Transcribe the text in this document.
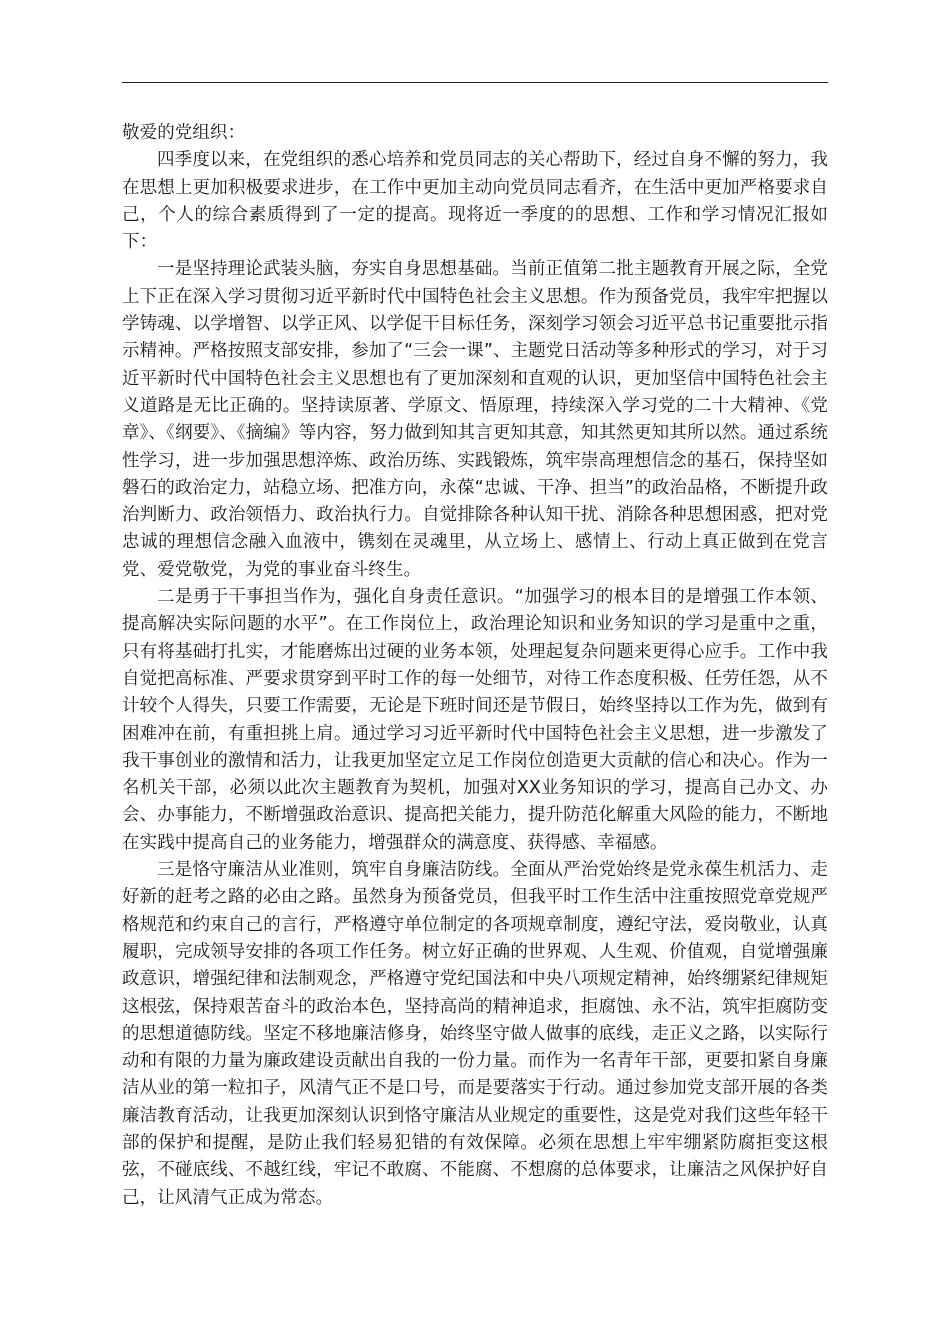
敬爱的党组织：

四季度以来，在党组织的悉心培养和党员同志的关心帮助下，经过自身不懈的努力，我在思想上更加积极要求进步，在工作中更加主动向党员同志看齐，在生活中更加严格要求自己，个人的综合素质得到了一定的提高。现将近一季度的的思想、工作和学习情况汇报如下：

一是坚持理论武装头脑，夯实自身思想基础。当前正值第二批主题教育开展之际，全党上下正在深入学习贯彻习近平新时代中国特色社会主义思想。作为预备党员，我牢牢把握以学铸魂、以学增智、以学正风、以学促干目标任务，深刻学习领会习近平总书记重要批示指示精神。严格按照支部安排，参加了“三会一课”、主题党日活动等多种形式的学习，对于习近平新时代中国特色社会主义思想也有了更加深刻和直观的认识，更加坚信中国特色社会主义道路是无比正确的。坚持读原著、学原文、悟原理，持续深入学习党的二十大精神、《党章》、《纲要》、《摘编》等内容，努力做到知其言更知其意，知其然更知其所以然。通过系统性学习，进一步加强思想淬炼、政治历练、实践锻炼，筑牢崇高理想信念的基石，保持坚如磐石的政治定力，站稳立场、把准方向，永葆“忠诚、干净、担当”的政治品格，不断提升政治判断力、政治领悟力、政治执行力。自觉排除各种认知干扰、消除各种思想困惑，把对党忠诚的理想信念融入血液中，镌刻在灵魂里，从立场上、感情上、行动上真正做到在党言党、爱党敬党，为党的事业奋斗终生。

二是勇于干事担当作为，强化自身责任意识。“加强学习的根本目的是增强工作本领、提高解决实际问题的水平”。在工作岗位上，政治理论知识和业务知识的学习是重中之重，只有将基础打扎实，才能磨炼出过硬的业务本领，处理起复杂问题来更得心应手。工作中我自觉把高标准、严要求贯穿到平时工作的每一处细节，对待工作态度积极、任劳任怨，从不计较个人得失，只要工作需要，无论是下班时间还是节假日，始终坚持以工作为先，做到有困难冲在前，有重担挑上肩。通过学习习近平新时代中国特色社会主义思想，进一步激发了我干事创业的激情和活力，让我更加坚定立足工作岗位创造更大贡献的信心和决心。作为一名机关干部，必须以此次主题教育为契机，加强对XX业务知识的学习，提高自己办文、办会、办事能力，不断增强政治意识、提高把关能力，提升防范化解重大风险的能力，不断地在实践中提高自己的业务能力，增强群众的满意度、获得感、幸福感。

三是恪守廉洁从业准则，筑牢自身廉洁防线。全面从严治党始终是党永葆生机活力、走好新的赶考之路的必由之路。虽然身为预备党员，但我平时工作生活中注重按照党章党规严格规范和约束自己的言行，严格遵守单位制定的各项规章制度，遵纪守法，爱岗敬业，认真履职，完成领导安排的各项工作任务。树立好正确的世界观、人生观、价值观，自觉增强廉政意识，增强纪律和法制观念，严格遵守党纪国法和中央八项规定精神，始终绷紧纪律规矩这根弦，保持艰苦奋斗的政治本色，坚持高尚的精神追求，拒腐蚀、永不沾，筑牢拒腐防变的思想道德防线。坚定不移地廉洁修身，始终坚守做人做事的底线，走正义之路，以实际行动和有限的力量为廉政建设贡献出自我的一份力量。而作为一名青年干部，更要扣紧自身廉洁从业的第一粒扣子，风清气正不是口号，而是要落实于行动。通过参加党支部开展的各类廉洁教育活动，让我更加深刻认识到恪守廉洁从业规定的重要性，这是党对我们这些年轻干部的保护和提醒，是防止我们轻易犯错的有效保障。必须在思想上牢牢绷紧防腐拒变这根弦，不碰底线、不越红线，牢记不敢腐、不能腐、不想腐的总体要求，让廉洁之风保护好自己，让风清气正成为常态。
